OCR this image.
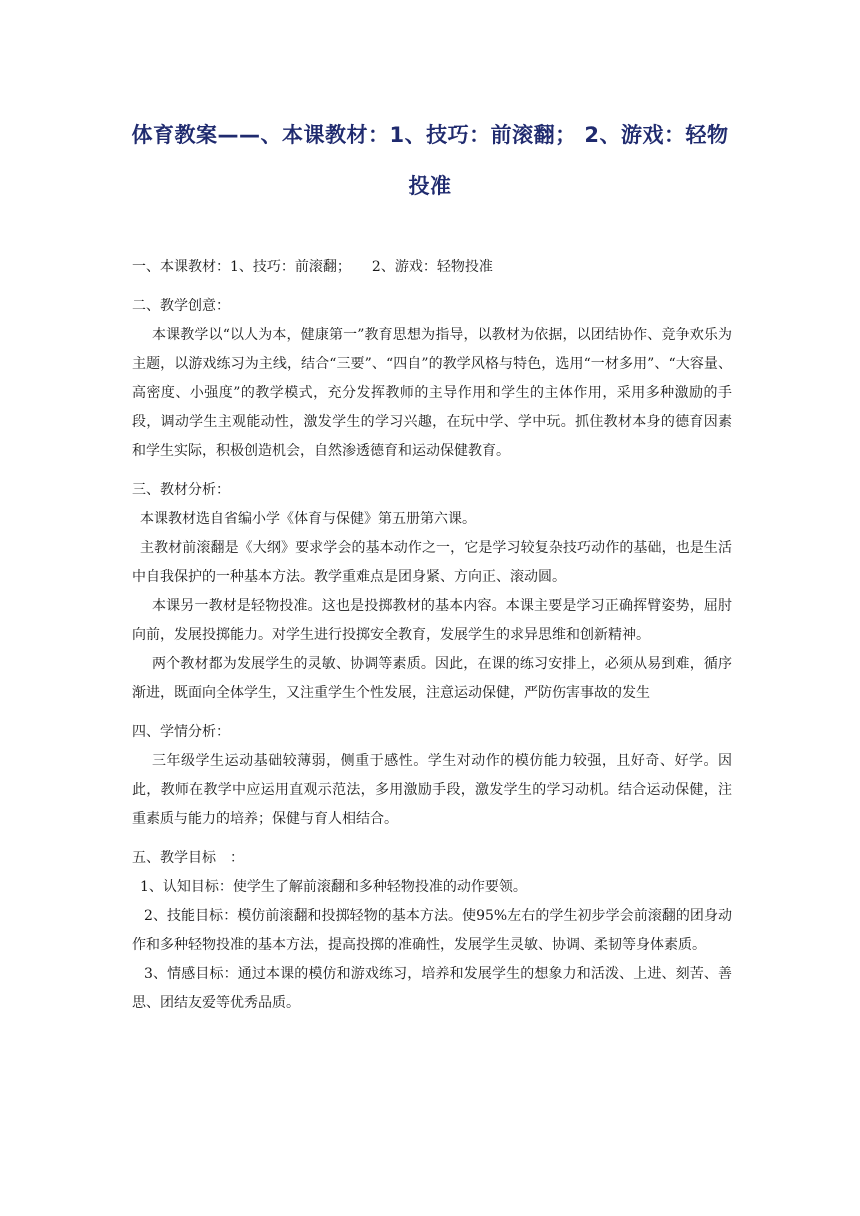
体育教案——、本课教材：1、技巧：前滚翻； 2、游戏：轻物
投准

一、本课教材：1、技巧：前滚翻；　　2、游戏：轻物投准

二、教学创意：

本课教学以“以人为本，健康第一”教育思想为指导，以教材为依据，以团结协作、竞争欢乐为主题，以游戏练习为主线，结合“三要”、“四自”的教学风格与特色，选用“一材多用”、“大容量、高密度、小强度”的教学模式，充分发挥教师的主导作用和学生的主体作用，采用多种激励的手段，调动学生主观能动性，激发学生的学习兴趣，在玩中学、学中玩。抓住教材本身的德育因素和学生实际，积极创造机会，自然渗透德育和运动保健教育。

三、教材分析：

本课教材选自省编小学《体育与保健》第五册第六课。

主教材前滚翻是《大纲》要求学会的基本动作之一，它是学习较复杂技巧动作的基础，也是生活中自我保护的一种基本方法。教学重难点是团身紧、方向正、滚动圆。

本课另一教材是轻物投准。这也是投掷教材的基本内容。本课主要是学习正确挥臂姿势，屈肘向前，发展投掷能力。对学生进行投掷安全教育，发展学生的求异思维和创新精神。

两个教材都为发展学生的灵敏、协调等素质。因此，在课的练习安排上，必须从易到难，循序渐进，既面向全体学生，又注重学生个性发展，注意运动保健，严防伤害事故的发生

四、学情分析：

三年级学生运动基础较薄弱，侧重于感性。学生对动作的模仿能力较强，且好奇、好学。因此，教师在教学中应运用直观示范法，多用激励手段，激发学生的学习动机。结合运动保健，注重素质与能力的培养；保健与育人相结合。

五、教学目标　：

1、认知目标：使学生了解前滚翻和多种轻物投准的动作要领。

2、技能目标：模仿前滚翻和投掷轻物的基本方法。使95%左右的学生初步学会前滚翻的团身动作和多种轻物投准的基本方法，提高投掷的准确性，发展学生灵敏、协调、柔韧等身体素质。

3、情感目标：通过本课的模仿和游戏练习，培养和发展学生的想象力和活泼、上进、刻苦、善思、团结友爱等优秀品质。
